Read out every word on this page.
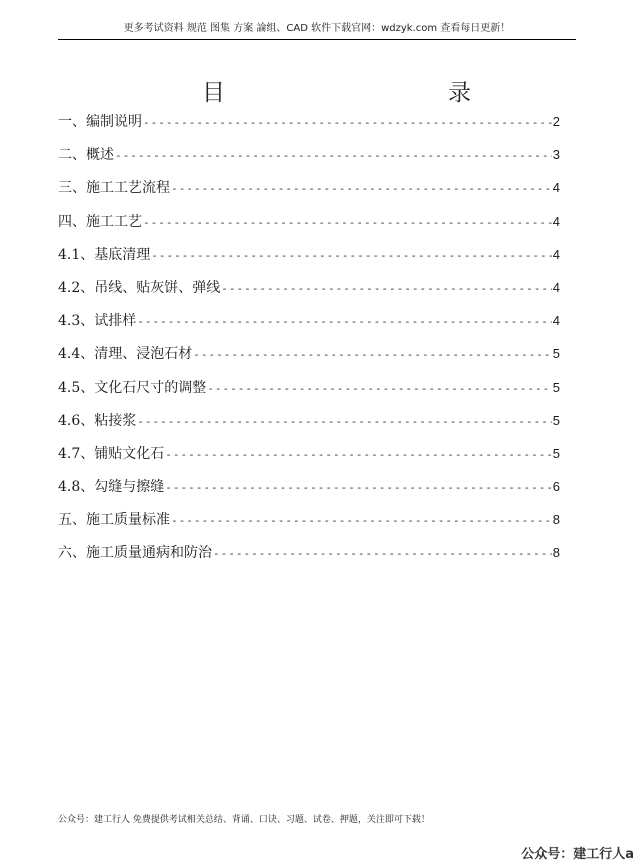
更多考试资料 规范 图集 方案 論组、CAD 软件下载官网：wdzyk.com 查看每日更新！
目	录
一、编制说明 -----	2
二、概述 -----	3
三、施工工艺流程 -----	4
四、施工工艺 -----	4
4.1、基底清理 -----	4
4.2、吊线、贴灰饼、弹线 -----	4
4.3、试排样 -----	4
4.4、清理、浸泡石材 -----	5
4.5、文化石尺寸的调整 -----	5
4.6、粘接浆 -----	5
4.7、铺贴文化石 -----	5
4.8、勾缝与擦缝 -----	6
五、施工质量标准 -----	8
六、施工质量通病和防治 -----	8
公众号：建工行人 免费提供考试相关总结、背诵、口诀、习题、试卷、押题，关注即可下载！
公众号：建工行人a
